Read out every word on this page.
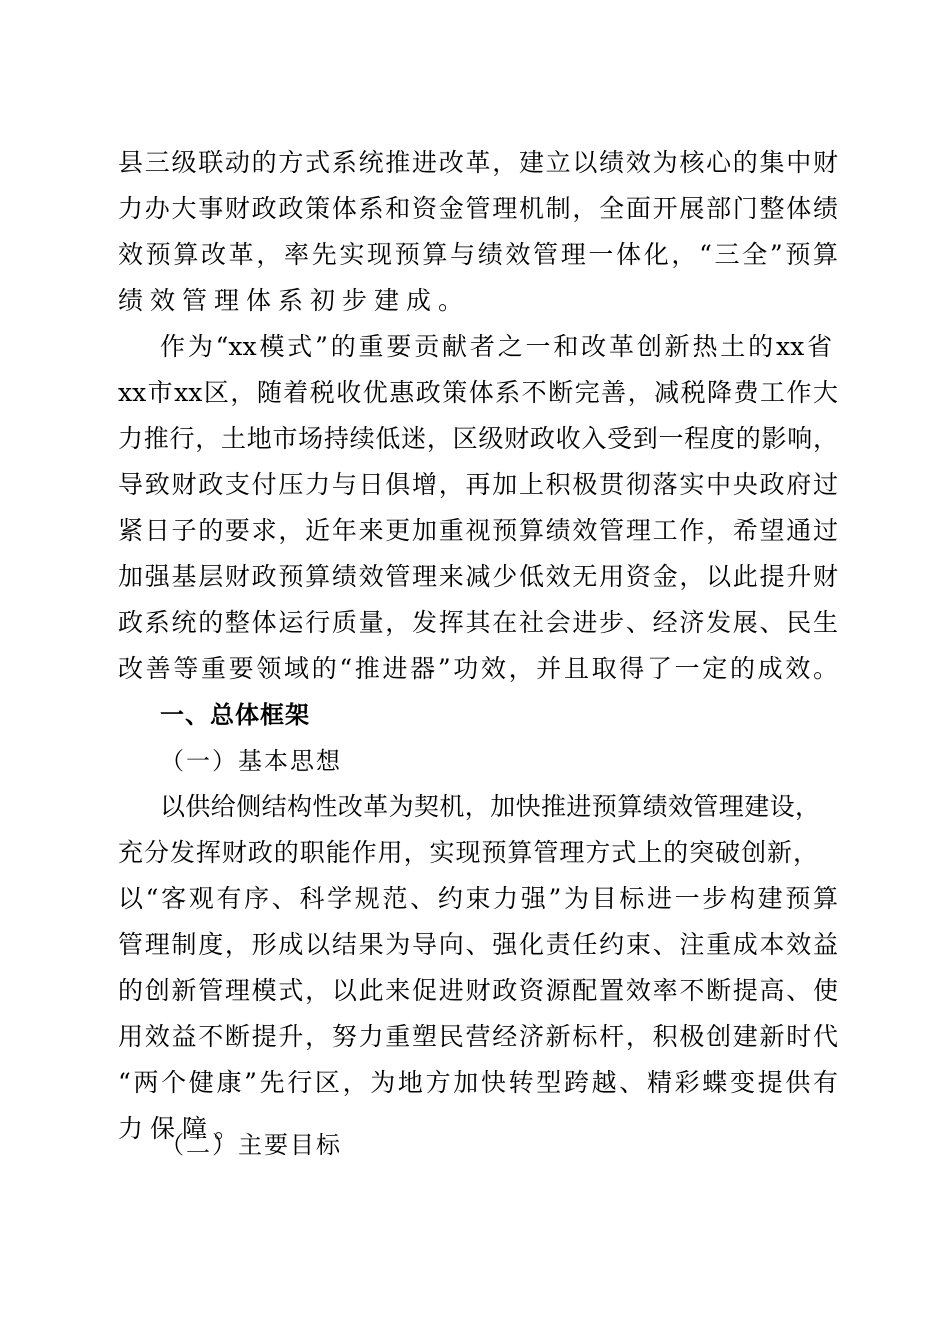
县三级联动的方式系统推进改革，建立以绩效为核心的集中财
力办大事财政政策体系和资金管理机制，全面开展部门整体绩
效预算改革，率先实现预算与绩效管理一体化，“三全”预算
绩效管理体系初步建成。
作为“xx模式”的重要贡献者之一和改革创新热土的xx省
xx市xx区，随着税收优惠政策体系不断完善，减税降费工作大
力推行，土地市场持续低迷，区级财政收入受到一程度的影响，
导致财政支付压力与日俱增，再加上积极贯彻落实中央政府过
紧日子的要求，近年来更加重视预算绩效管理工作，希望通过
加强基层财政预算绩效管理来减少低效无用资金，以此提升财
政系统的整体运行质量，发挥其在社会进步、经济发展、民生
改善等重要领域的“推进器”功效，并且取得了一定的成效。
一、总体框架
（一）基本思想
以供给侧结构性改革为契机，加快推进预算绩效管理建设，
充分发挥财政的职能作用，实现预算管理方式上的突破创新，
以“客观有序、科学规范、约束力强”为目标进一步构建预算
管理制度，形成以结果为导向、强化责任约束、注重成本效益
的创新管理模式，以此来促进财政资源配置效率不断提高、使
用效益不断提升，努力重塑民营经济新标杆，积极创建新时代
“两个健康”先行区，为地方加快转型跨越、精彩蝶变提供有
力保障。
（二）主要目标
